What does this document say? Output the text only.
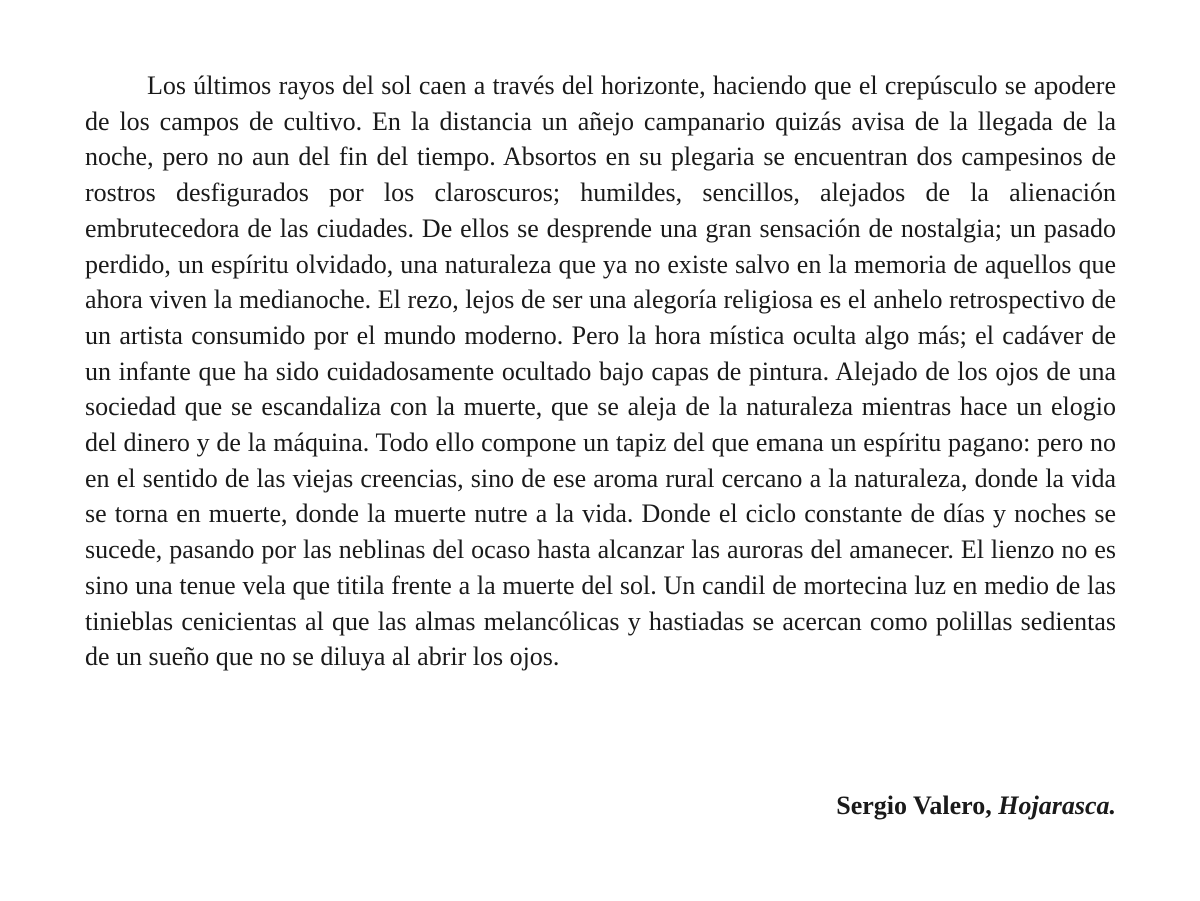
Los últimos rayos del sol caen a través del horizonte, haciendo que el crepúsculo se apodere de los campos de cultivo. En la distancia un añejo campanario quizás avisa de la llegada de la noche, pero no aun del fin del tiempo. Absortos en su plegaria se encuentran dos campesinos de rostros desfigurados por los claroscuros; humildes, sencillos, alejados de la alienación embrutecedora de las ciudades. De ellos se desprende una gran sensación de nostalgia; un pasado perdido, un espíritu olvidado, una naturaleza que ya no existe salvo en la memoria de aquellos que ahora viven la medianoche. El rezo, lejos de ser una alegoría religiosa es el anhelo retrospectivo de un artista consumido por el mundo moderno. Pero la hora mística oculta algo más; el cadáver de un infante que ha sido cuidadosamente ocultado bajo capas de pintura. Alejado de los ojos de una sociedad que se escandaliza con la muerte, que se aleja de la naturaleza mientras hace un elogio del dinero y de la máquina. Todo ello compone un tapiz del que emana un espíritu pagano: pero no en el sentido de las viejas creencias, sino de ese aroma rural cercano a la naturaleza, donde la vida se torna en muerte, donde la muerte nutre a la vida. Donde el ciclo constante de días y noches se sucede, pasando por las neblinas del ocaso hasta alcanzar las auroras del amanecer. El lienzo no es sino una tenue vela que titila frente a la muerte del sol. Un candil de mortecina luz en medio de las tinieblas cenicientas al que las almas melancólicas y hastiadas se acercan como polillas sedientas de un sueño que no se diluya al abrir los ojos.

Sergio Valero, Hojarasca.
